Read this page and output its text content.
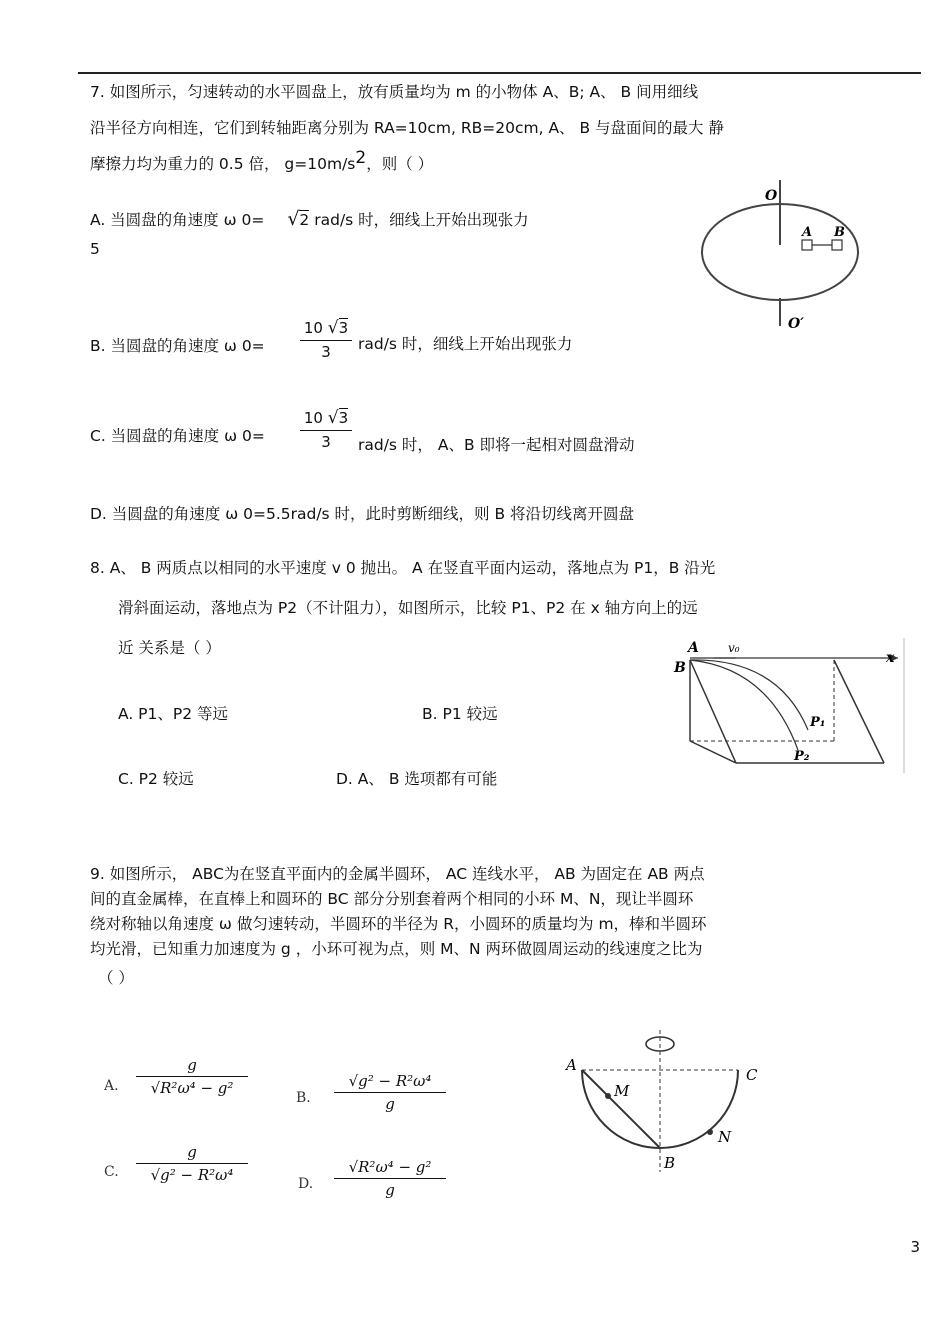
7. 如图所示，匀速转动的水平圆盘上，放有质量均为 m 的小物体 A、B; A、 B 间用细线
沿半径方向相连，它们到转轴距离分别为 RA=10cm, RB=20cm, A、 B 与盘面间的最大 静
摩擦力均为重力的 0.5 倍， $g=10m/s^2$，则（ ）
A. 当圆盘的角速度 ω 0= √2 rad/s 时，细线上开始出现张力
5
B. 当圆盘的角速度 ω 0=
10 √3
3	rad/s 时，细线上开始出现张力
C. 当圆盘的角速度 ω 0=
10 √3
3	rad/s 时， A、B 即将一起相对圆盘滑动
D. 当圆盘的角速度 ω 0=5.5rad/s 时，此时剪断细线，则 B 将沿切线离开圆盘
O
A B
O′
8. A、 B 两质点以相同的水平速度 v 0 抛出。 A 在竖直平面内运动，落地点为 P1，B 沿光
滑斜面运动，落地点为 P2（不计阻力），如图所示，比较 P1、P2 在 x 轴方向上的远
近 关系是（ ）
A. P1、P2 等远	B. P1 较远
C. P2 较远	D. A、 B 选项都有可能
A
B
v₀
x
P₁
P₂
9. 如图所示， ABC为在竖直平面内的金属半圆环， AC 连线水平， AB 为固定在 AB 两点
间的直金属棒，在直棒上和圆环的 BC 部分分别套着两个相同的小环 M、N，现让半圆环
绕对称轴以角速度 ω 做匀速转动，半圆环的半径为 R，小圆环的质量均为 m，棒和半圆环
均光滑，已知重力加速度为 g ，小环可视为点，则 M、N 两环做圆周运动的线速度之比为
（ ）
A.
g
√R²ω⁴ − g²
B.
√g² − R²ω⁴
g
C.
g
√g² − R²ω⁴	D.
√R²ω⁴ − g²
g
A
C
M
N
B
3
